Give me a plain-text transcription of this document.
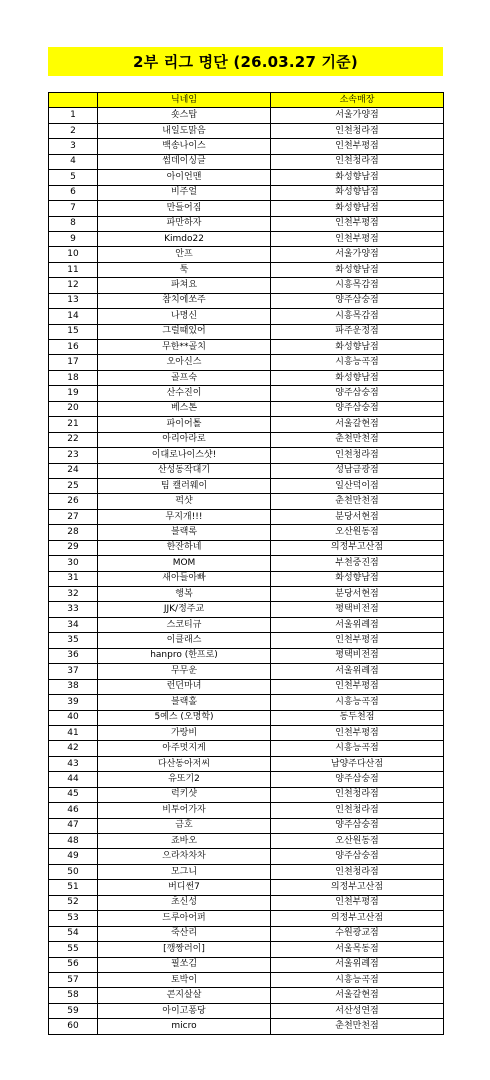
2부 리그 명단 (26.03.27 기준)
	닉네임	소속매장
1	숏스탑	서울가양점
2	내일도맑음	인천청라점
3	백송나이스	인천부평점
4	썸데이싱글	인천청라점
5	아이언맨	화성향남점
6	비주얼	화성향남점
7	만들어짐	화성향남점
8	파만하자	인천부평점
9	Kimdo22	인천부평점
10	안프	서울가양점
11	툭	화성향남점
12	파쳐요	시흥목감점
13	참치에쏘주	양주삼숭점
14	나명신	시흥목감점
15	그럴때있어	파주운정점
16	무한**골치	화성향남점
17	오아신스	시흥능곡점
18	골프숙	화성향남점
19	산수진이	양주삼숭점
20	베스톤	양주삼숭점
21	파이어톨	서울갈현점
22	아리아라로	춘천만천점
23	이대로나이스샷!	인천청라점
24	산성동작대기	성남금광점
25	팀 캘러웨이	일산덕이점
26	퍽샷	춘천만천점
27	무지개!!!	분당서현점
28	블랙록	오산원동점
29	한잔하네	의정부고산점
30	MOM	부천중진점
31	새아들아빠	화성향남점
32	행복	분당서현점
33	JJK/정주교	평택비전점
34	스코티규	서울위례점
35	이클래스	인천부평점
36	hanpro (한프로)	평택비전점
37	무무운	서울위례점
38	런던마녀	인천부평점
39	블랙홀	시흥능곡점
40	5예스 (오명학)	동두천점
41	가랑비	인천부평점
42	아주멋지게	시흥능곡점
43	다산동아저씨	남양주다산점
44	유또기2	양주삼숭점
45	럭키샷	인천청라점
46	비투어가자	인천청라점
47	금호	양주삼숭점
48	죠바오	오산원동점
49	으라차차차	양주삼숭점
50	모그니	인천청라점
51	버디썬7	의정부고산점
52	초신성	인천부평점
53	드루아어퍼	의정부고산점
54	죽산리	수원광교점
55	[깽짱러이]	서울목동점
56	필쏘김	서울위례점
57	토박이	시흥능곡점
58	콘지살살	서울갈현점
59	아이고퐁당	서산성연점
60	micro	춘천만천점
